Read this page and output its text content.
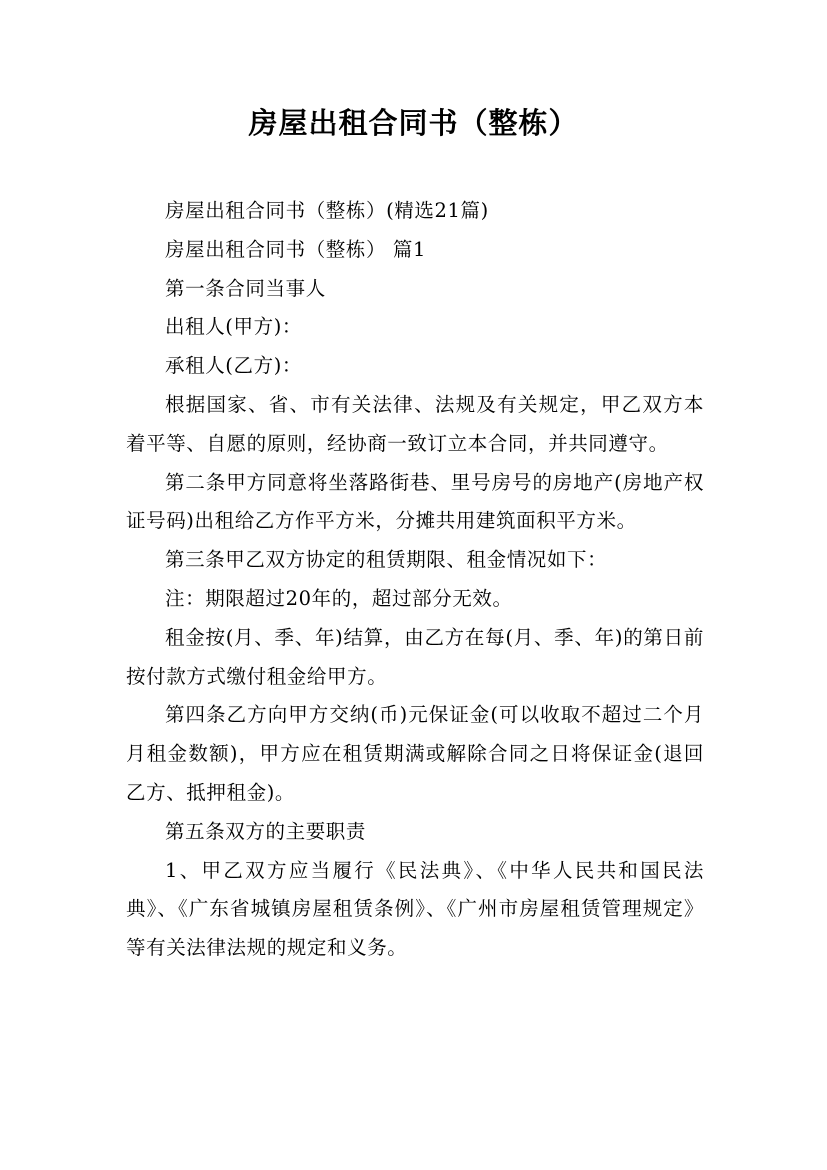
房屋出租合同书（整栋）

房屋出租合同书（整栋）(精选21篇)

房屋出租合同书（整栋） 篇1

第一条合同当事人

出租人(甲方)：

承租人(乙方)：

根据国家、省、市有关法律、法规及有关规定，甲乙双方本着平等、自愿的原则，经协商一致订立本合同，并共同遵守。

第二条甲方同意将坐落路街巷、里号房号的房地产(房地产权证号码)出租给乙方作平方米，分摊共用建筑面积平方米。

第三条甲乙双方协定的租赁期限、租金情况如下：

注：期限超过20年的，超过部分无效。

租金按(月、季、年)结算，由乙方在每(月、季、年)的第日前按付款方式缴付租金给甲方。

第四条乙方向甲方交纳(币)元保证金(可以收取不超过二个月月租金数额)，甲方应在租赁期满或解除合同之日将保证金(退回乙方、抵押租金)。

第五条双方的主要职责

1、甲乙双方应当履行《民法典》、《中华人民共和国民法典》、《广东省城镇房屋租赁条例》、《广州市房屋租赁管理规定》等有关法律法规的规定和义务。
